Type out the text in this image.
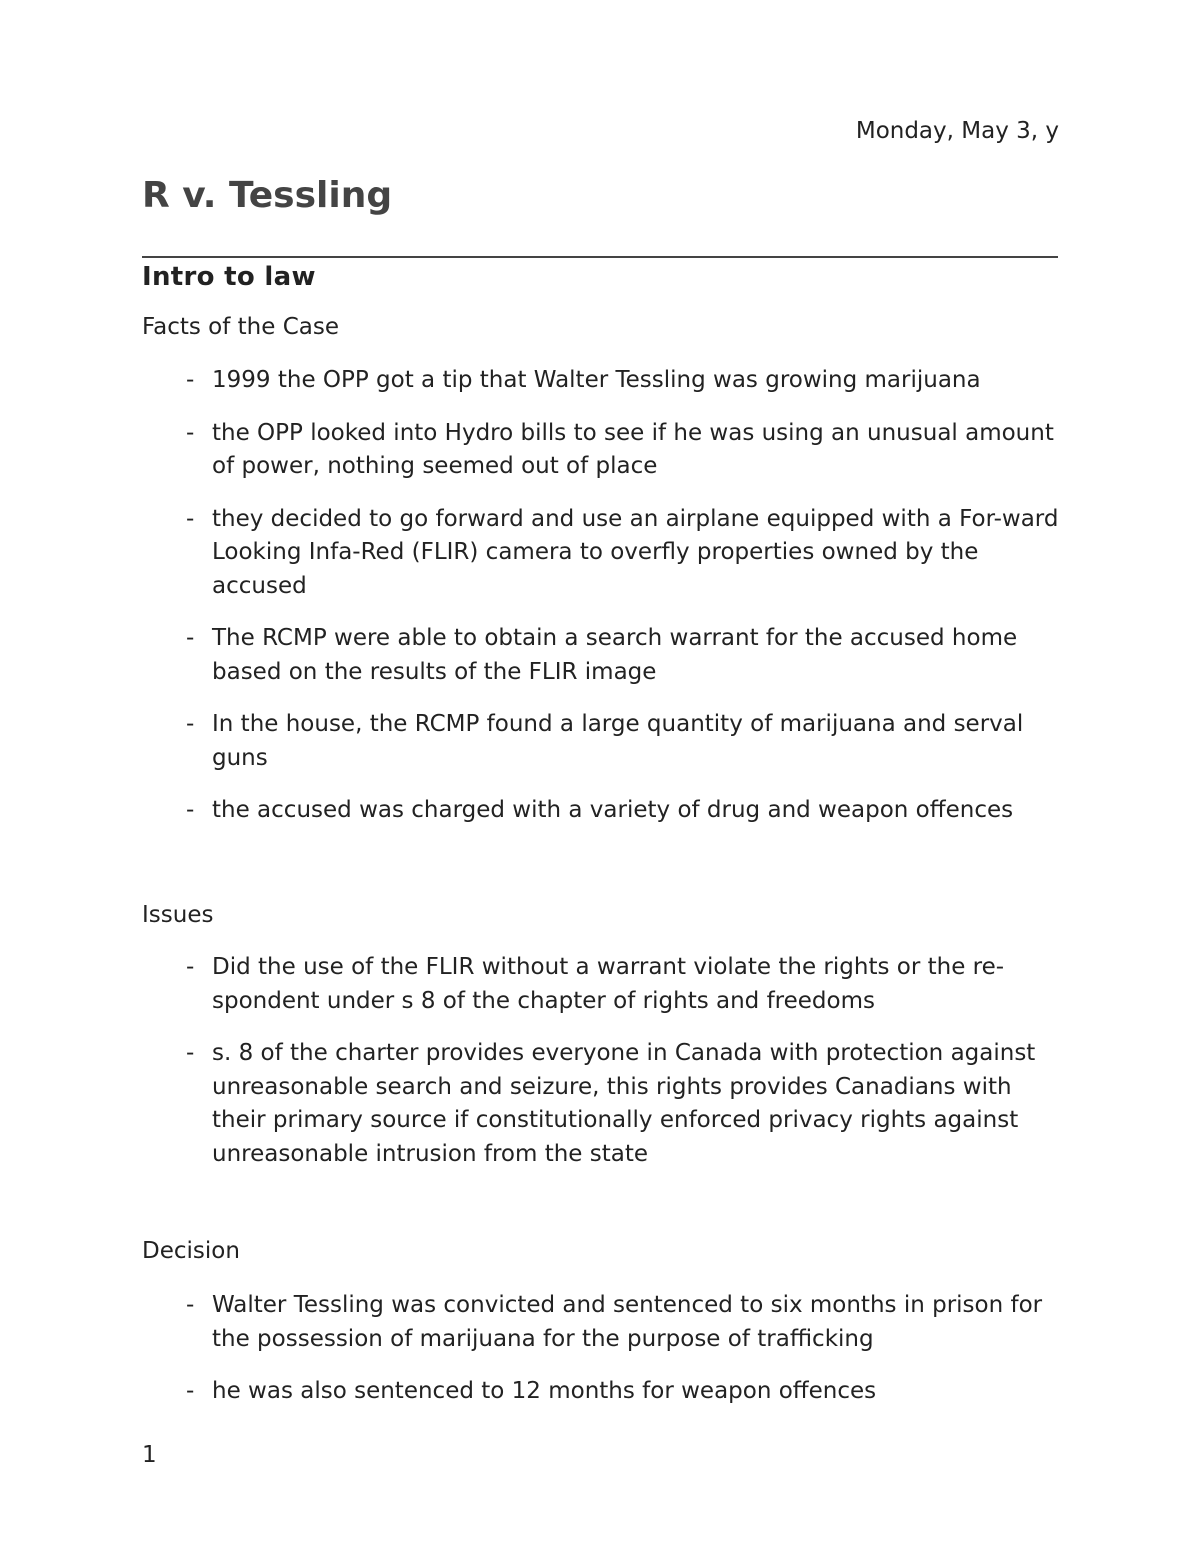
Monday, May 3, y

R v. Tessling
Intro to law

Facts of the Case

- 1999 the OPP got a tip that Walter Tessling was growing marijuana
- the OPP looked into Hydro bills to see if he was using an unusual amount of power, nothing seemed out of place
- they decided to go forward and use an airplane equipped with a For-ward Looking Infa-Red (FLIR) camera to overfly properties owned by the accused
- The RCMP were able to obtain a search warrant for the accused home based on the results of the FLIR image
- In the house, the RCMP found a large quantity of marijuana and serval guns
- the accused was charged with a variety of drug and weapon offences

Issues

- Did the use of the FLIR without a warrant violate the rights or the re-spondent under s 8 of the chapter of rights and freedoms
- s. 8 of the charter provides everyone in Canada with protection against unreasonable search and seizure, this rights provides Canadians with their primary source if constitutionally enforced privacy rights against unreasonable intrusion from the state

Decision

- Walter Tessling was convicted and sentenced to six months in prison for the possession of marijuana for the purpose of trafficking
- he was also sentenced to 12 months for weapon offences

1
